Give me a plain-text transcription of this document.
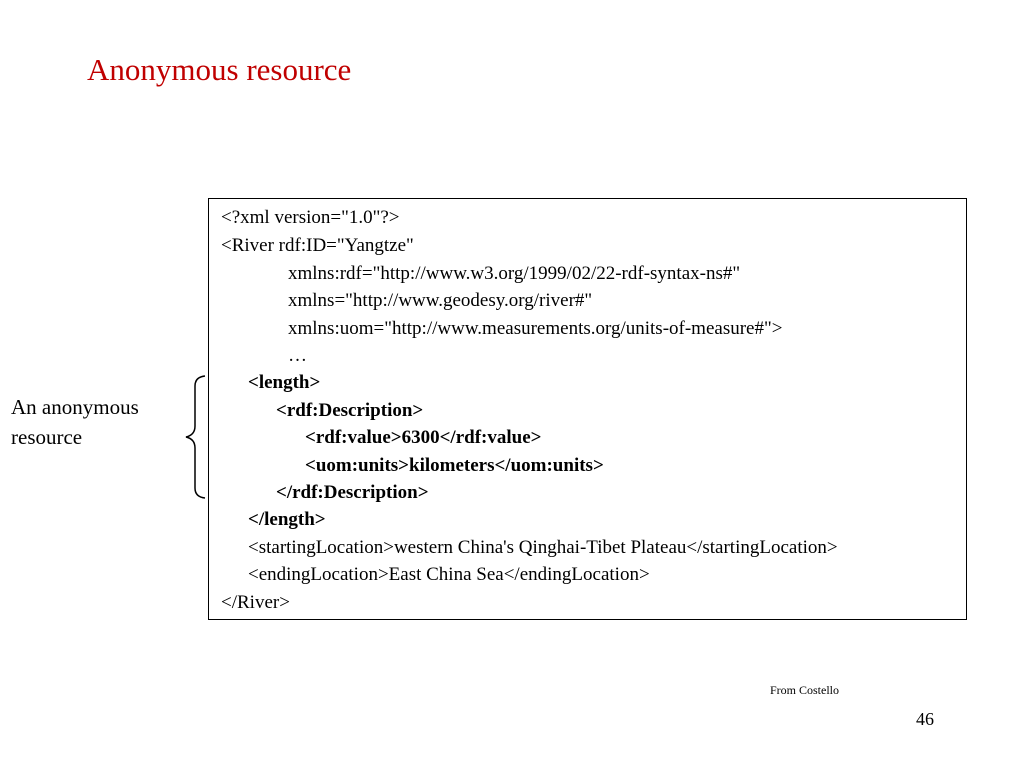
Anonymous resource
<?xml version="1.0"?>
<River rdf:ID="Yangtze"
xmlns:rdf="http://www.w3.org/1999/02/22-rdf-syntax-ns#"
xmlns="http://www.geodesy.org/river#"
xmlns:uom="http://www.measurements.org/units-of-measure#">
…
<length>
<rdf:Description>
<rdf:value>6300</rdf:value>
<uom:units>kilometers</uom:units>
</rdf:Description>
</length>
<startingLocation>western China's Qinghai-Tibet Plateau</startingLocation>
<endingLocation>East China Sea</endingLocation>
</River>
An anonymous
resource
From Costello
46
